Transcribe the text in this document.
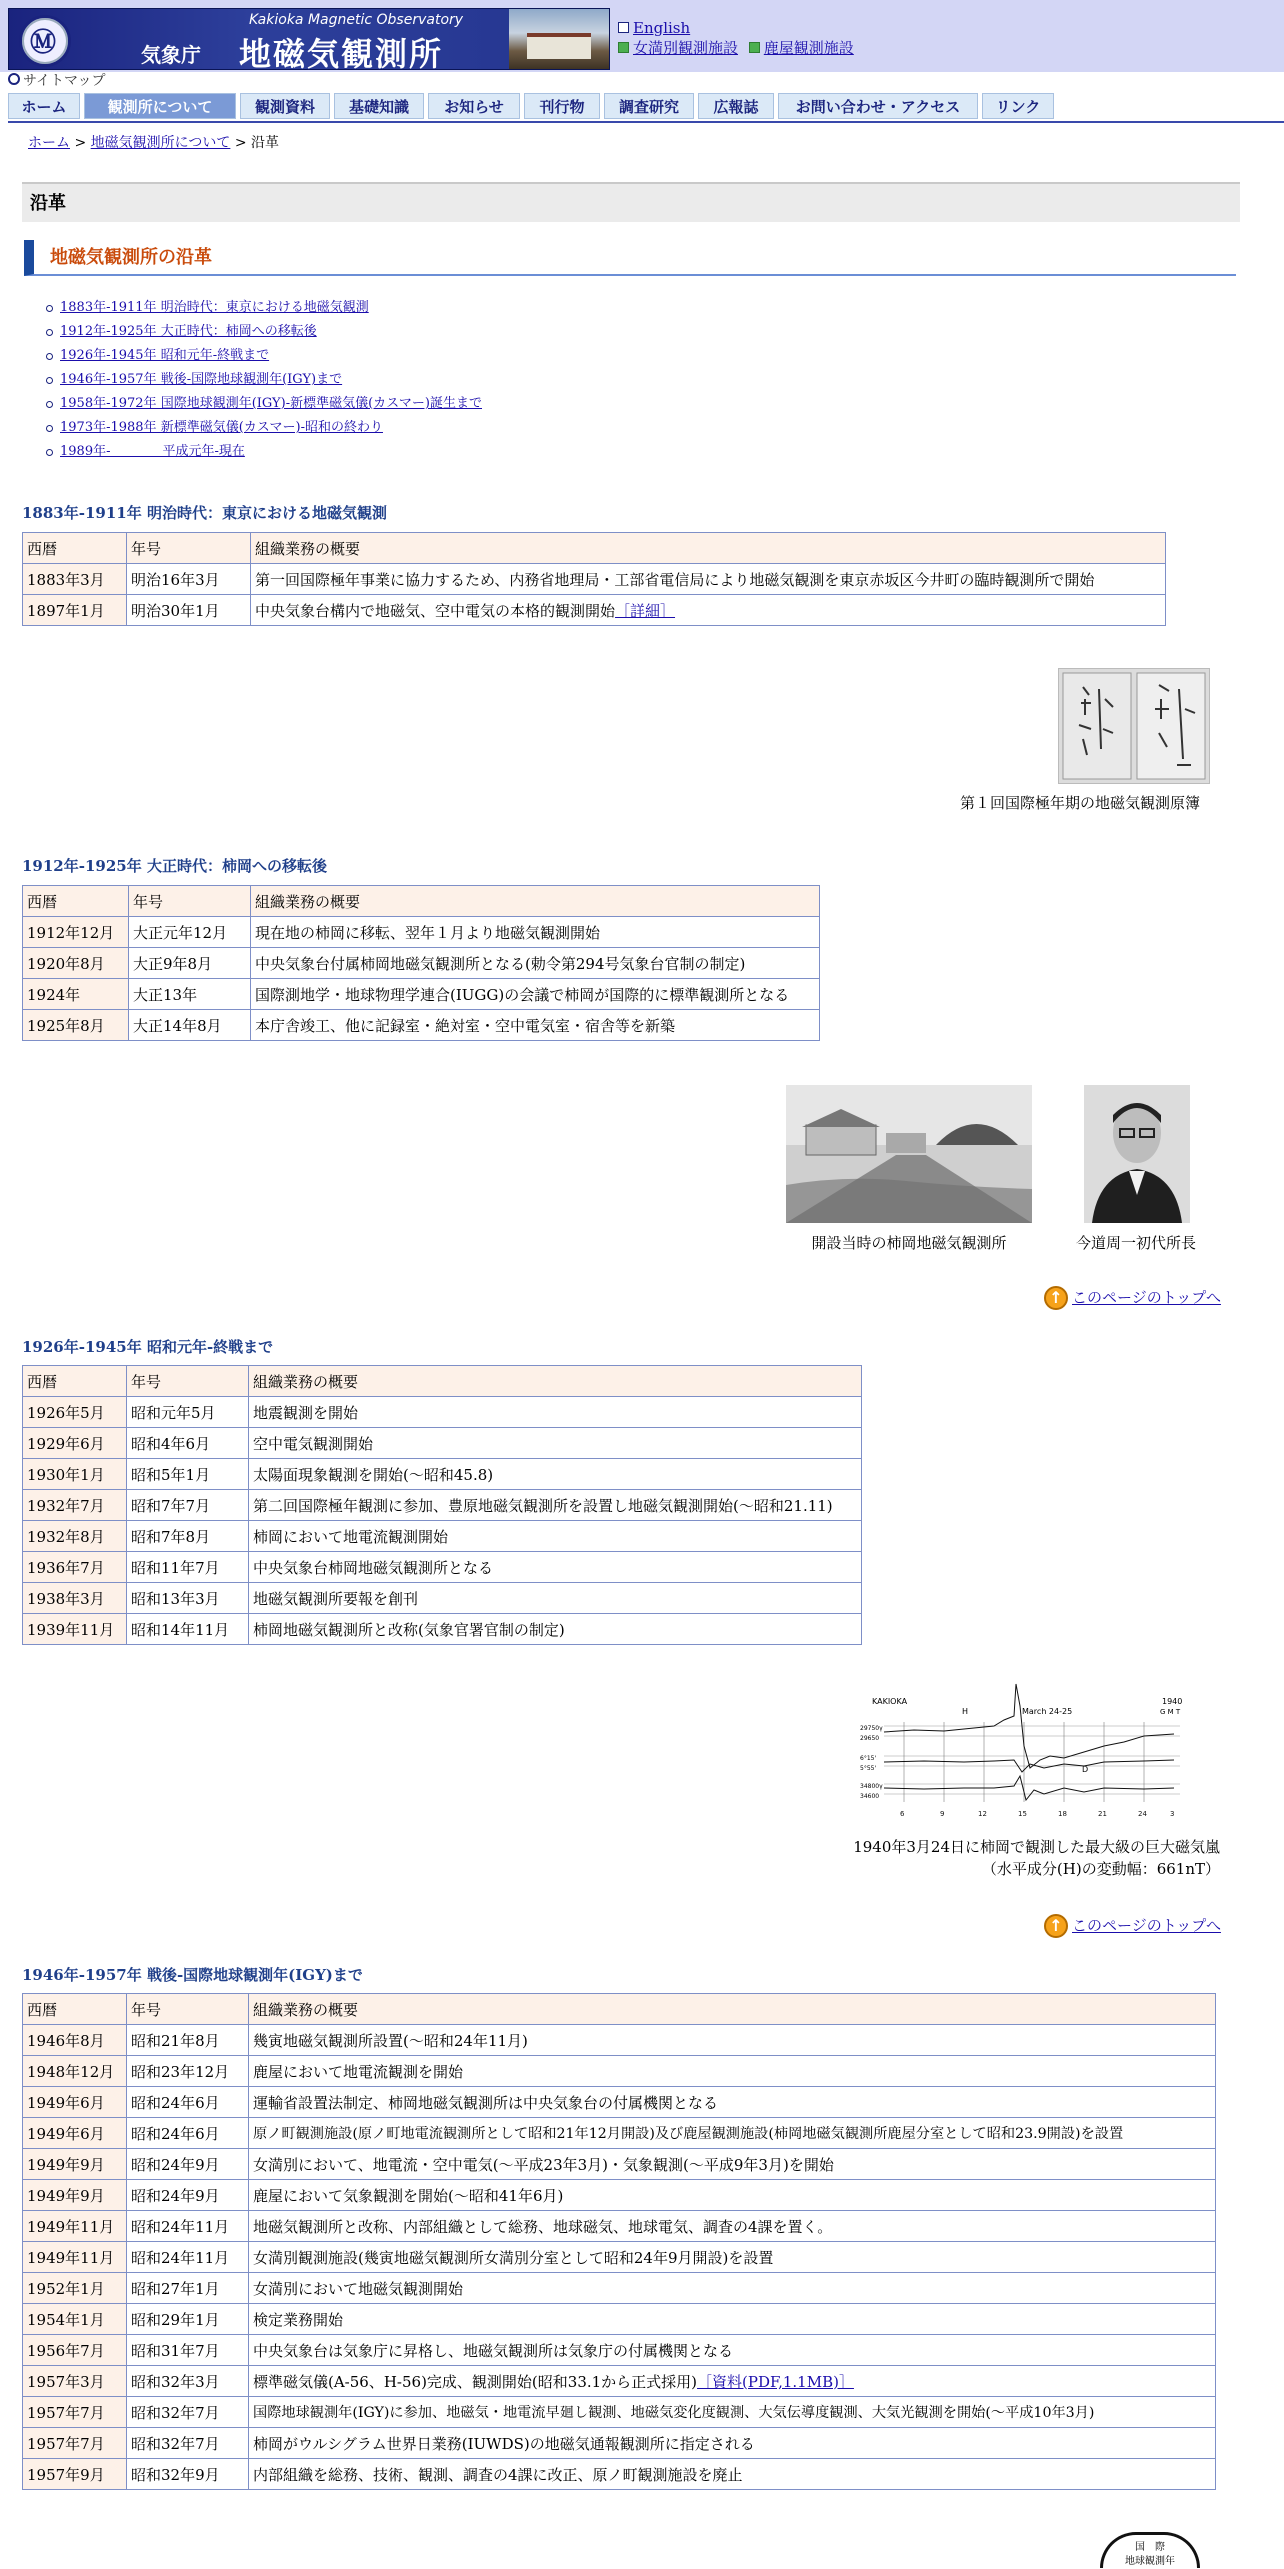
Ⓜ
Kakioka Magnetic Observatory
気象庁 地磁気観測所
English
女満別観測施設 鹿屋観測施設
サイトマップ
ホーム	観測所について	観測資料	基礎知識	お知らせ	刊行物	調査研究	広報誌	お問い合わせ・アクセス	リンク
ホーム > 地磁気観測所について > 沿革
沿革
地磁気観測所の沿革
1883年-1911年 明治時代：東京における地磁気観測
1912年-1925年 大正時代：柿岡への移転後
1926年-1945年 昭和元年-終戦まで
1946年-1957年 戦後-国際地球観測年(IGY)まで
1958年-1972年 国際地球観測年(IGY)-新標準磁気儀(カスマー)誕生まで
1973年-1988年 新標準磁気儀(カスマー)-昭和の終わり
1989年-　　　　平成元年-現在
1883年-1911年 明治時代：東京における地磁気観測
西暦	年号	組織業務の概要
1883年3月	明治16年3月	第一回国際極年事業に協力するため、内務省地理局・工部省電信局により地磁気観測を東京赤坂区今井町の臨時観測所で開始
1897年1月	明治30年1月	中央気象台構内で地磁気、空中電気の本格的観測開始［詳細］
第１回国際極年期の地磁気観測原簿
1912年-1925年 大正時代：柿岡への移転後
西暦	年号	組織業務の概要
1912年12月	大正元年12月	現在地の柿岡に移転、翌年１月より地磁気観測開始
1920年8月	大正9年8月	中央気象台付属柿岡地磁気観測所となる(勅令第294号気象台官制の制定)
1924年	大正13年	国際測地学・地球物理学連合(IUGG)の会議で柿岡が国際的に標準観測所となる
1925年8月	大正14年8月	本庁舎竣工、他に記録室・絶対室・空中電気室・宿舎等を新築
開設当時の柿岡地磁気観測所	今道周一初代所長
↑ このページのトップへ
1926年-1945年 昭和元年-終戦まで
西暦	年号	組織業務の概要
1926年5月	昭和元年5月	地震観測を開始
1929年6月	昭和4年6月	空中電気観測開始
1930年1月	昭和5年1月	太陽面現象観測を開始(～昭和45.8)
1932年7月	昭和7年7月	第二回国際極年観測に参加、豊原地磁気観測所を設置し地磁気観測開始(～昭和21.11)
1932年8月	昭和7年8月	柿岡において地電流観測開始
1936年7月	昭和11年7月	中央気象台柿岡地磁気観測所となる
1938年3月	昭和13年3月	地磁気観測所要報を創刊
1939年11月	昭和14年11月	柿岡地磁気観測所と改称(気象官署官制の制定)
KAKIOKA
March 24-25
1940
G M T
H
D
29750γ
29650
6°15'
5°55'
34800γ
34600
6	9	12	15	18	21	24	3
1940年3月24日に柿岡で観測した最大級の巨大磁気嵐
（水平成分(H)の変動幅：661nT）
↑ このページのトップへ
1946年-1957年 戦後-国際地球観測年(IGY)まで
西暦	年号	組織業務の概要
1946年8月	昭和21年8月	幾寅地磁気観測所設置(～昭和24年11月)
1948年12月	昭和23年12月	鹿屋において地電流観測を開始
1949年6月	昭和24年6月	運輸省設置法制定、柿岡地磁気観測所は中央気象台の付属機関となる
1949年6月	昭和24年6月	原ノ町観測施設(原ノ町地電流観測所として昭和21年12月開設)及び鹿屋観測施設(柿岡地磁気観測所鹿屋分室として昭和23.9開設)を設置
1949年9月	昭和24年9月	女満別において、地電流・空中電気(～平成23年3月)・気象観測(～平成9年3月)を開始
1949年9月	昭和24年9月	鹿屋において気象観測を開始(～昭和41年6月)
1949年11月	昭和24年11月	地磁気観測所と改称、内部組織として総務、地球磁気、地球電気、調査の4課を置く。
1949年11月	昭和24年11月	女満別観測施設(幾寅地磁気観測所女満別分室として昭和24年9月開設)を設置
1952年1月	昭和27年1月	女満別において地磁気観測開始
1954年1月	昭和29年1月	検定業務開始
1956年7月	昭和31年7月	中央気象台は気象庁に昇格し、地磁気観測所は気象庁の付属機関となる
1957年3月	昭和32年3月	標準磁気儀(A-56、H-56)完成、観測開始(昭和33.1から正式採用)［資料(PDF,1.1MB)］
1957年7月	昭和32年7月	国際地球観測年(IGY)に参加、地磁気・地電流早廻し観測、地磁気変化度観測、大気伝導度観測、大気光観測を開始(～平成10年3月)
1957年7月	昭和32年7月	柿岡がウルシグラム世界日業務(IUWDS)の地磁気通報観測所に指定される
1957年9月	昭和32年9月	内部組織を総務、技術、観測、調査の4課に改正、原ノ町観測施設を廃止
国　際
地球観測年
